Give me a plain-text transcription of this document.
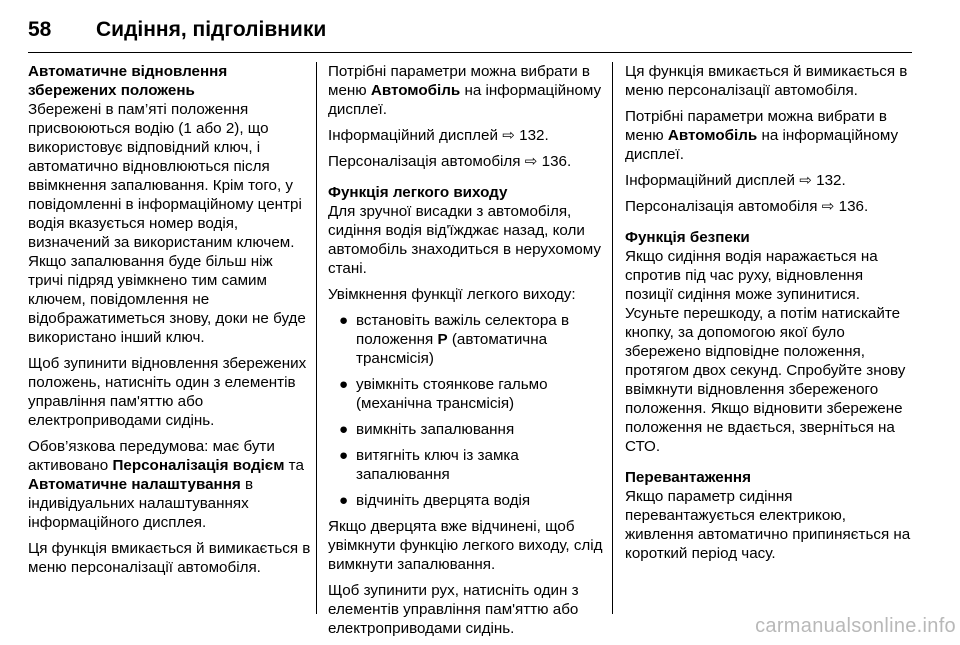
58 Сидіння, підголівники

Автоматичне відновлення збережених положень

Збережені в пам’яті положення присвоюються водію (1 або 2), що використовує відповідний ключ, і автоматично відновлюються після ввімкнення запалювання. Крім того, у повідомленні в інформаційному центрі водія вказується номер водія, визначений за використаним ключем. Якщо запалювання буде більш ніж тричі підряд увімкнено тим самим ключем, повідомлення не відображатиметься знову, доки не буде використано інший ключ.

Щоб зупинити відновлення збережених положень, натисніть один з елементів управління пам'яттю або електроприводами сидінь.

Обов’язкова передумова: має бути активовано Персоналізація водієм та Автоматичне налаштування в індивідуальних налаштуваннях інформаційного дисплея.

Ця функція вмикається й вимикається в меню персоналізації автомобіля.

Потрібні параметри можна вибрати в меню Автомобіль на інформаційному дисплеї.

Інформаційний дисплей ⇨ 132.

Персоналізація автомобіля ⇨ 136.

Функція легкого виходу

Для зручної висадки з автомобіля, сидіння водія від'їжджає назад, коли автомобіль знаходиться в нерухомому стані.

Увімкнення функції легкого виходу:

● встановіть важіль селектора в положення P (автоматична трансмісія)
● увімкніть стоянкове гальмо (механічна трансмісія)
● вимкніть запалювання
● витягніть ключ із замка запалювання
● відчиніть дверцята водія

Якщо дверцята вже відчинені, щоб увімкнути функцію легкого виходу, слід вимкнути запалювання.

Щоб зупинити рух, натисніть один з елементів управління пам'яттю або електроприводами сидінь.

Ця функція вмикається й вимикається в меню персоналізації автомобіля.

Потрібні параметри можна вибрати в меню Автомобіль на інформаційному дисплеї.

Інформаційний дисплей ⇨ 132.

Персоналізація автомобіля ⇨ 136.

Функція безпеки

Якщо сидіння водія наражається на спротив під час руху, відновлення позиції сидіння може зупинитися. Усуньте перешкоду, а потім натискайте кнопку, за допомогою якої було збережено відповідне положення, протягом двох секунд. Спробуйте знову ввімкнути відновлення збереженого положення. Якщо відновити збережене положення не вдається, зверніться на СТО.

Перевантаження

Якщо параметр сидіння перевантажується електрикою, живлення автоматично припиняється на короткий період часу.

carmanualsonline.info
